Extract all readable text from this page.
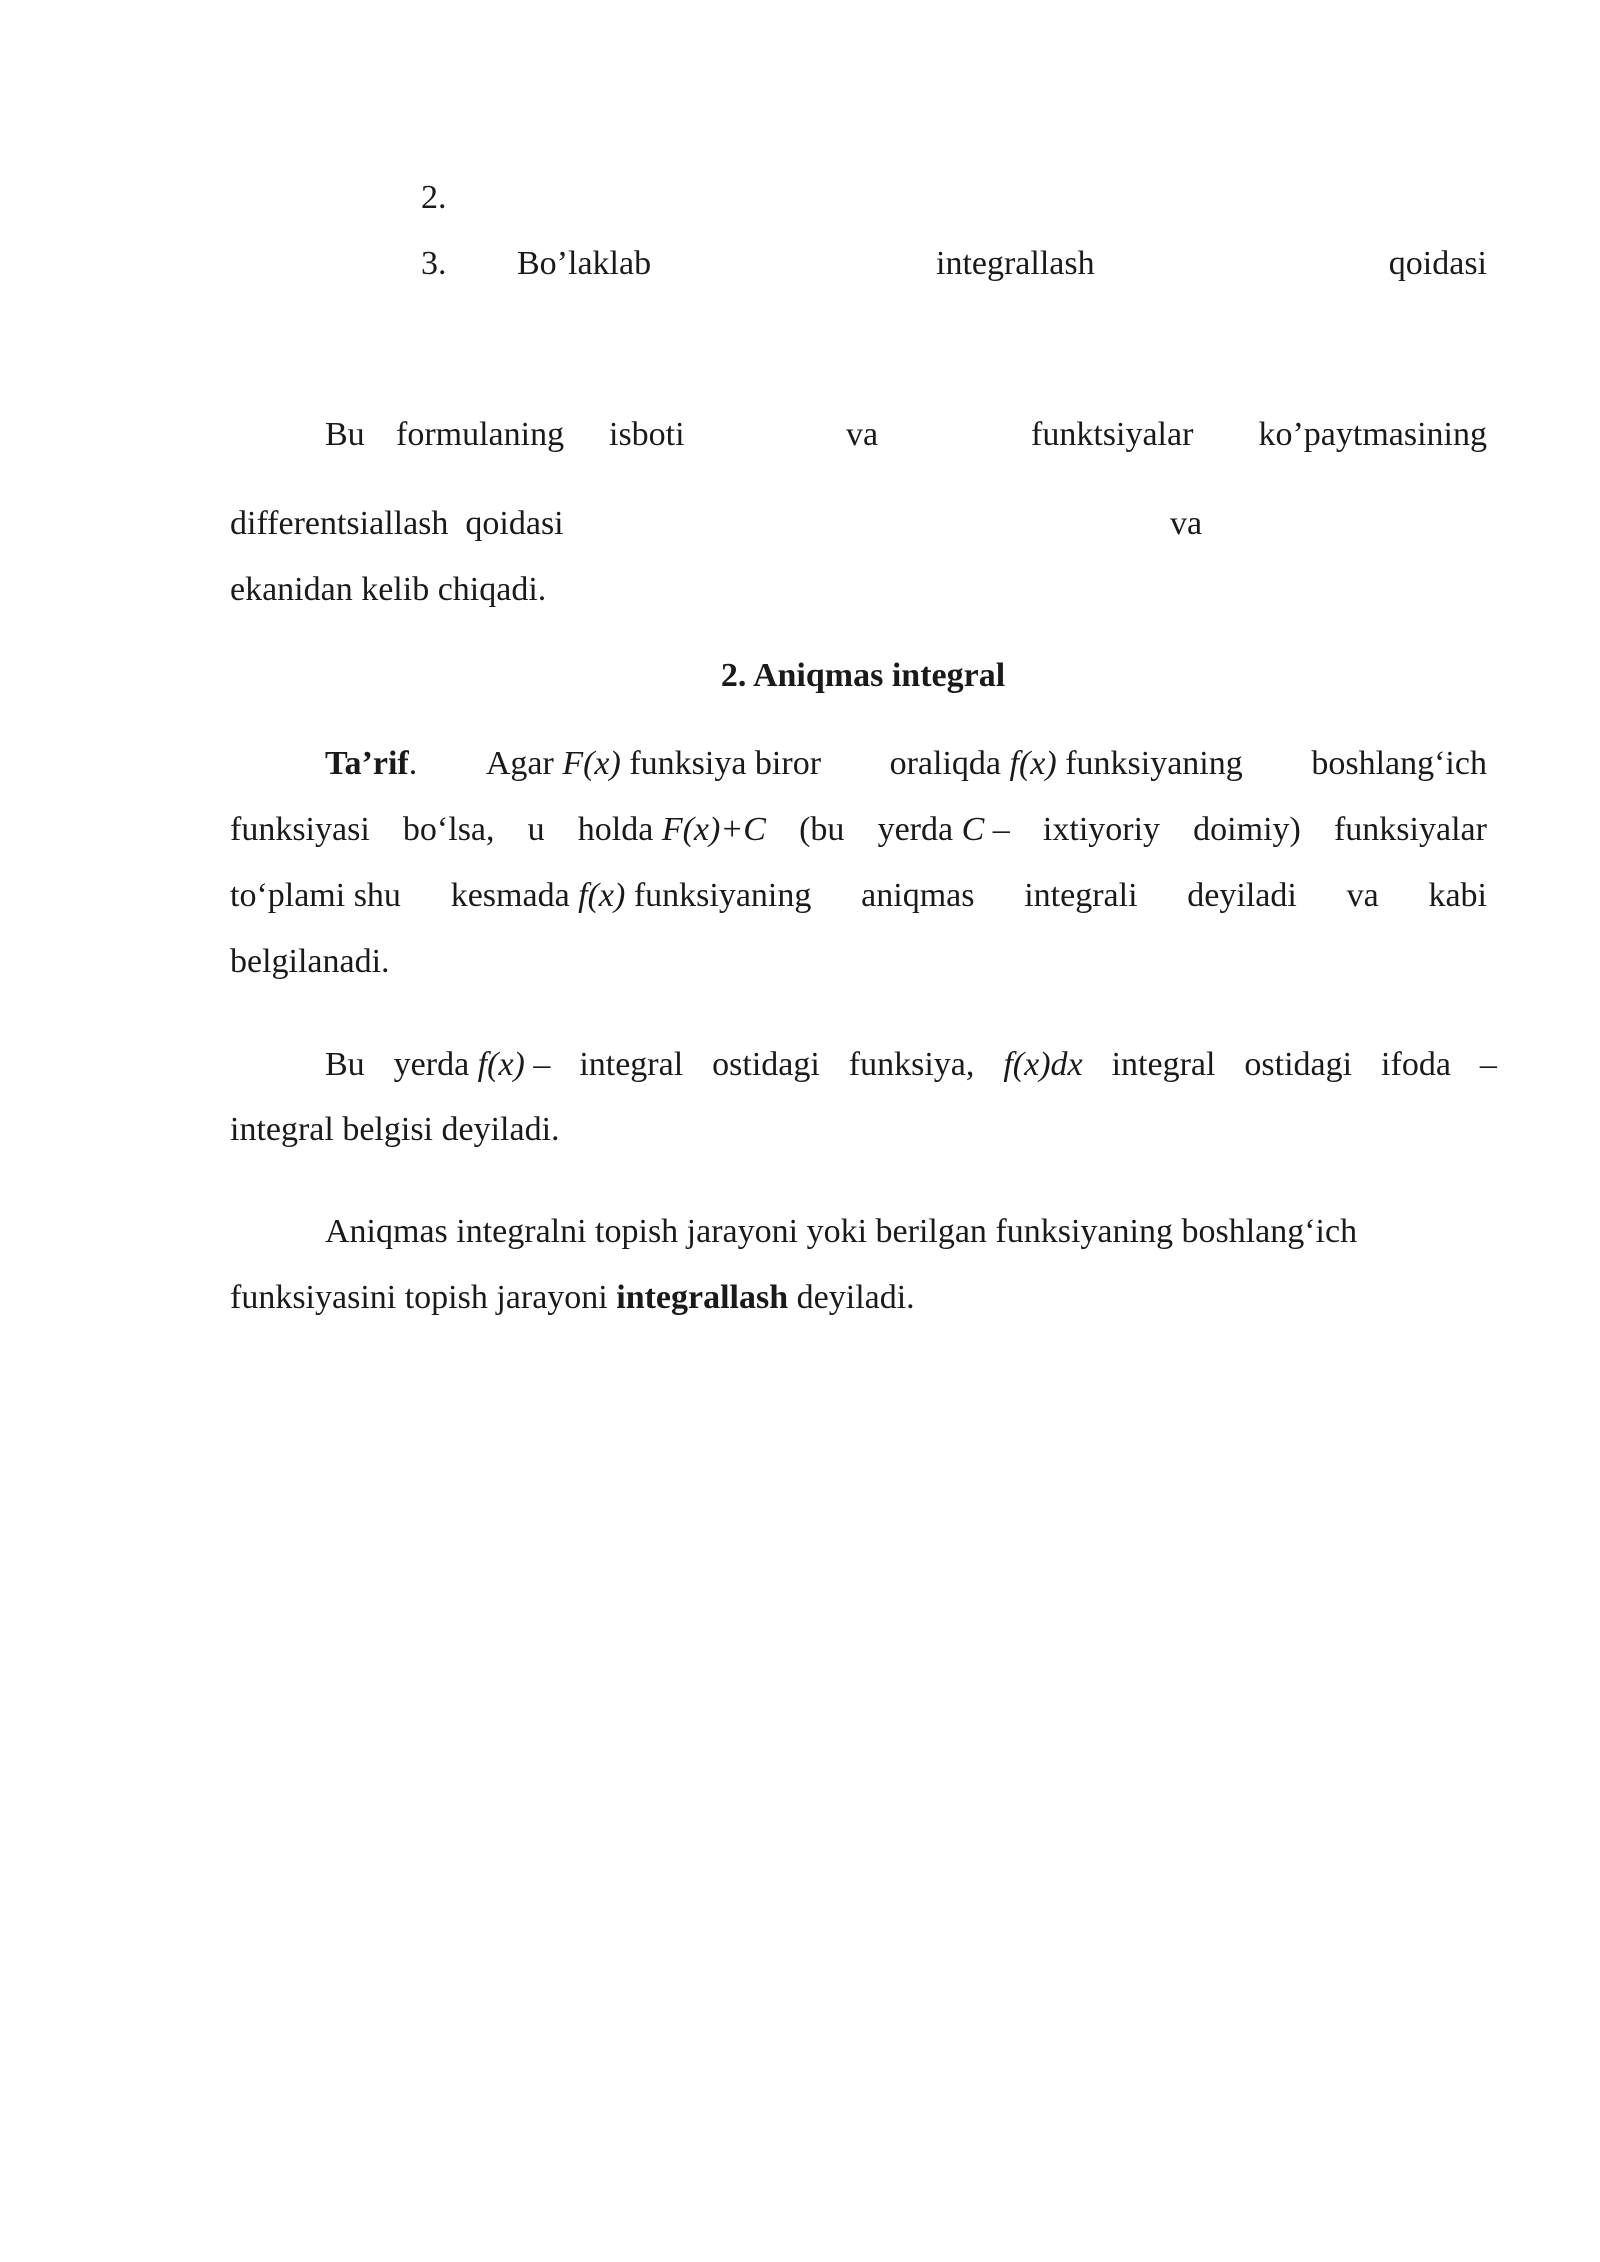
2.
3. Bo’laklab	integrallash	qoidasi
Bu formulaning isboti	va	funktsiyalar ko’paytmasining
differentsiallash  qoidasi	va
ekanidan kelib chiqadi.
2. Aniqmas integral
Ta’rif. Agar F(x) funksiya biror oraliqda f(x) funksiyaning boshlang‘ich
funksiyasi bo‘lsa, u holda F(x)+C (bu yerda C – ixtiyoriy doimiy) funksiyalar
to‘plami shu kesmada f(x) funksiyaning aniqmas integrali deyiladi va kabi
belgilanadi.
Bu yerda f(x) – integral ostidagi funksiya, f(x)dx integral ostidagi ifoda –
integral belgisi deyiladi.
Aniqmas integralni topish jarayoni yoki berilgan funksiyaning boshlang‘ich
funksiyasini topish jarayoni integrallash deyiladi.
